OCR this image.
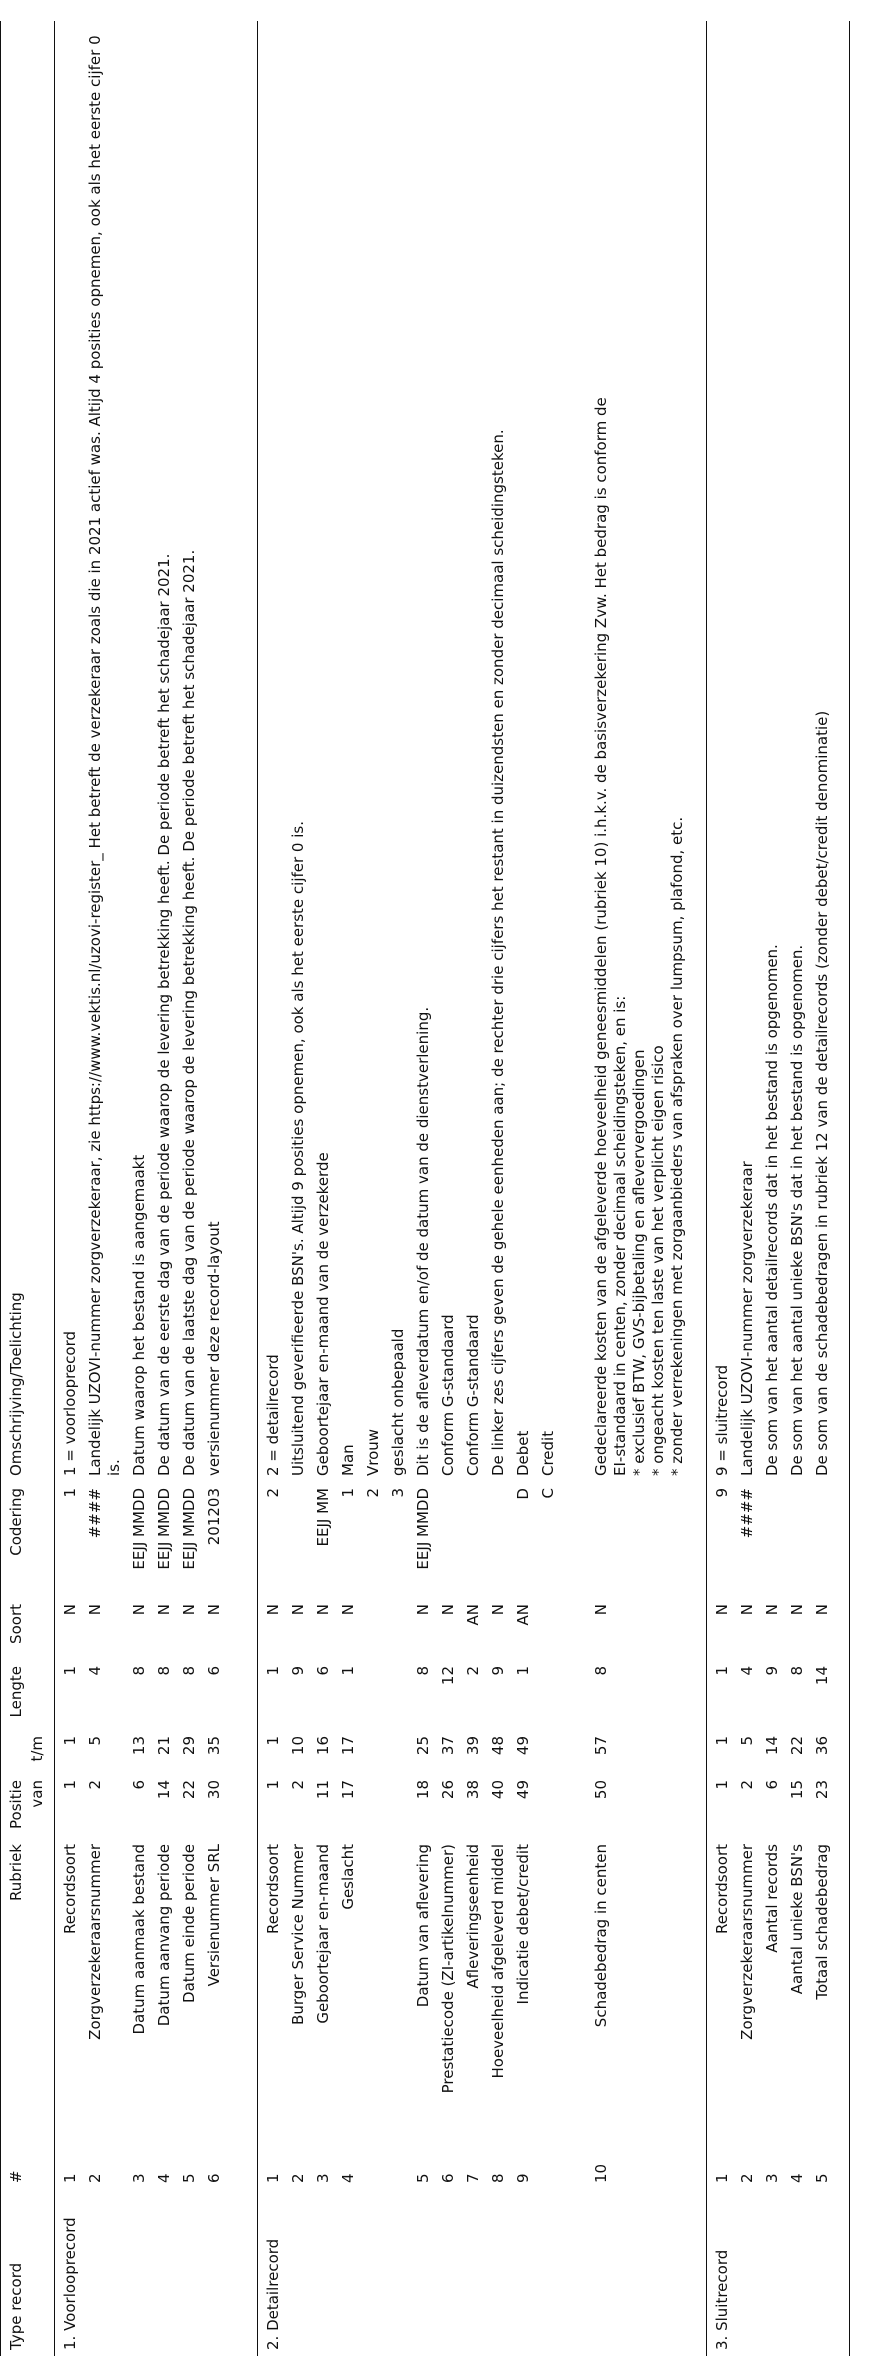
Type record	#	Rubriek	Positie van	t/m	Lengte	Soort	Codering	Omschrijving/Toelichting
1. Voorlooprecord	1	Recordsoort	1	1	1	N	1	1 = voorlooprecord
	2	Zorgverzekeraarsnummer	2	5	4	N	####	Landelijk UZOVI-nummer zorgverzekeraar, zie https://www.vektis.nl/uzovi-register_ Het betreft de verzekeraar zoals die in 2021 actief was. Altijd 4 posities opnemen, ook als het eerste cijfer 0 is.
	3	Datum aanmaak bestand	6	13	8	N	EEJJ MMDD	Datum waarop het bestand is aangemaakt
	4	Datum aanvang periode	14	21	8	N	EEJJ MMDD	De datum van de eerste dag van de periode waarop de levering betrekking heeft. De periode betreft het schadejaar 2021.
	5	Datum einde periode	22	29	8	N	EEJJ MMDD	De datum van de laatste dag van de periode waarop de levering betrekking heeft. De periode betreft het schadejaar 2021.
	6	Versienummer SRL	30	35	6	N	201203	versienummer deze record-layout

2. Detailrecord	1	Recordsoort	1	1	1	N	2	2 = detailrecord
	2	Burger Service Nummer	2	10	9	N		Uitsluitend geverifieerde BSN's. Altijd 9 posities opnemen, ook als het eerste cijfer 0 is.
	3	Geboortejaar en-maand	11	16	6	N	EEJJ MM	Geboortejaar en-maand van de verzekerde
	4	Geslacht	17	17	1	N	1	Man
							2	Vrouw
							3	geslacht onbepaald
	5	Datum van aflevering	18	25	8	N	EEJJ MMDD	Dit is de afleverdatum en/of de datum van de dienstverlening.
	6	Prestatiecode (ZI-artikelnummer)	26	37	12	N		Conform G-standaard
	7	Afleveringseenheid	38	39	2	AN		Conform G-standaard
	8	Hoeveelheid afgeleverd middel	40	48	9	N		De linker zes cijfers geven de gehele eenheden aan; de rechter drie cijfers het restant in duizendsten en zonder decimaal scheidingsteken.
	9	Indicatie debet/credit	49	49	1	AN	D	Debet
							C	Credit

	10	Schadebedrag in centen	50	57	8	N		Gedeclareerde kosten van de afgeleverde hoeveelheid geneesmiddelen (rubriek 10) i.h.k.v. de basisverzekering Zvw. Het bedrag is conform de EI-standaard in centen, zonder decimaal scheidingsteken, en is: * exclusief BTW, GVS-bijbetaling en afleververgoedingen * ongeacht kosten ten laste van het verplicht eigen risico * zonder verrekeningen met zorgaanbieders van afspraken over lumpsum, plafond, etc.

3. Sluitrecord	1	Recordsoort	1	1	1	N	9	9 = sluitrecord
	2	Zorgverzekeraarsnummer	2	5	4	N	####	Landelijk UZOVI-nummer zorgverzekeraar
	3	Aantal records	6	14	9	N		De som van het aantal detailrecords dat in het bestand is opgenomen.
	4	Aantal unieke BSN's	15	22	8	N		De som van het aantal unieke BSN's dat in het bestand is opgenomen.
	5	Totaal schadebedrag	23	36	14	N		De som van de schadebedragen in rubriek 12 van de detailrecords (zonder debet/credit denominatie)
